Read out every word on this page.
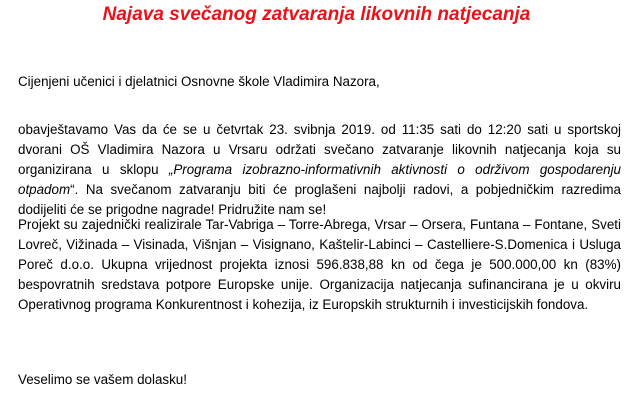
Najava svečanog zatvaranja likovnih natjecanja
Cijenjeni učenici i djelatnici Osnovne škole Vladimira Nazora,
obavještavamo Vas da će se u četvrtak 23. svibnja 2019. od 11:35 sati do 12:20 sati u sportskoj
dvorani OŠ Vladimira Nazora u Vrsaru održati svečano zatvaranje likovnih natjecanja koja su
organizirana u sklopu „Programa izobrazno-informativnih aktivnosti o održivom gospodarenju
otpadom“. Na svečanom zatvaranju biti će proglašeni najbolji radovi, a pobjedničkim razredima
dodijeliti će se prigodne nagrade! Pridružite nam se!
Projekt su zajednički realizirale Tar-Vabriga – Torre-Abrega, Vrsar – Orsera, Funtana – Fontane, Sveti
Lovreč, Vižinada – Visinada, Višnjan – Visignano, Kaštelir-Labinci – Castelliere-S.Domenica i Usluga
Poreč d.o.o. Ukupna vrijednost projekta iznosi 596.838,88 kn od čega je 500.000,00 kn (83%)
bespovratnih sredstava potpore Europske unije. Organizacija natjecanja sufinancirana je u okviru
Operativnog programa Konkurentnost i kohezija, iz Europskih strukturnih i investicijskih fondova.
Veselimo se vašem dolasku!
